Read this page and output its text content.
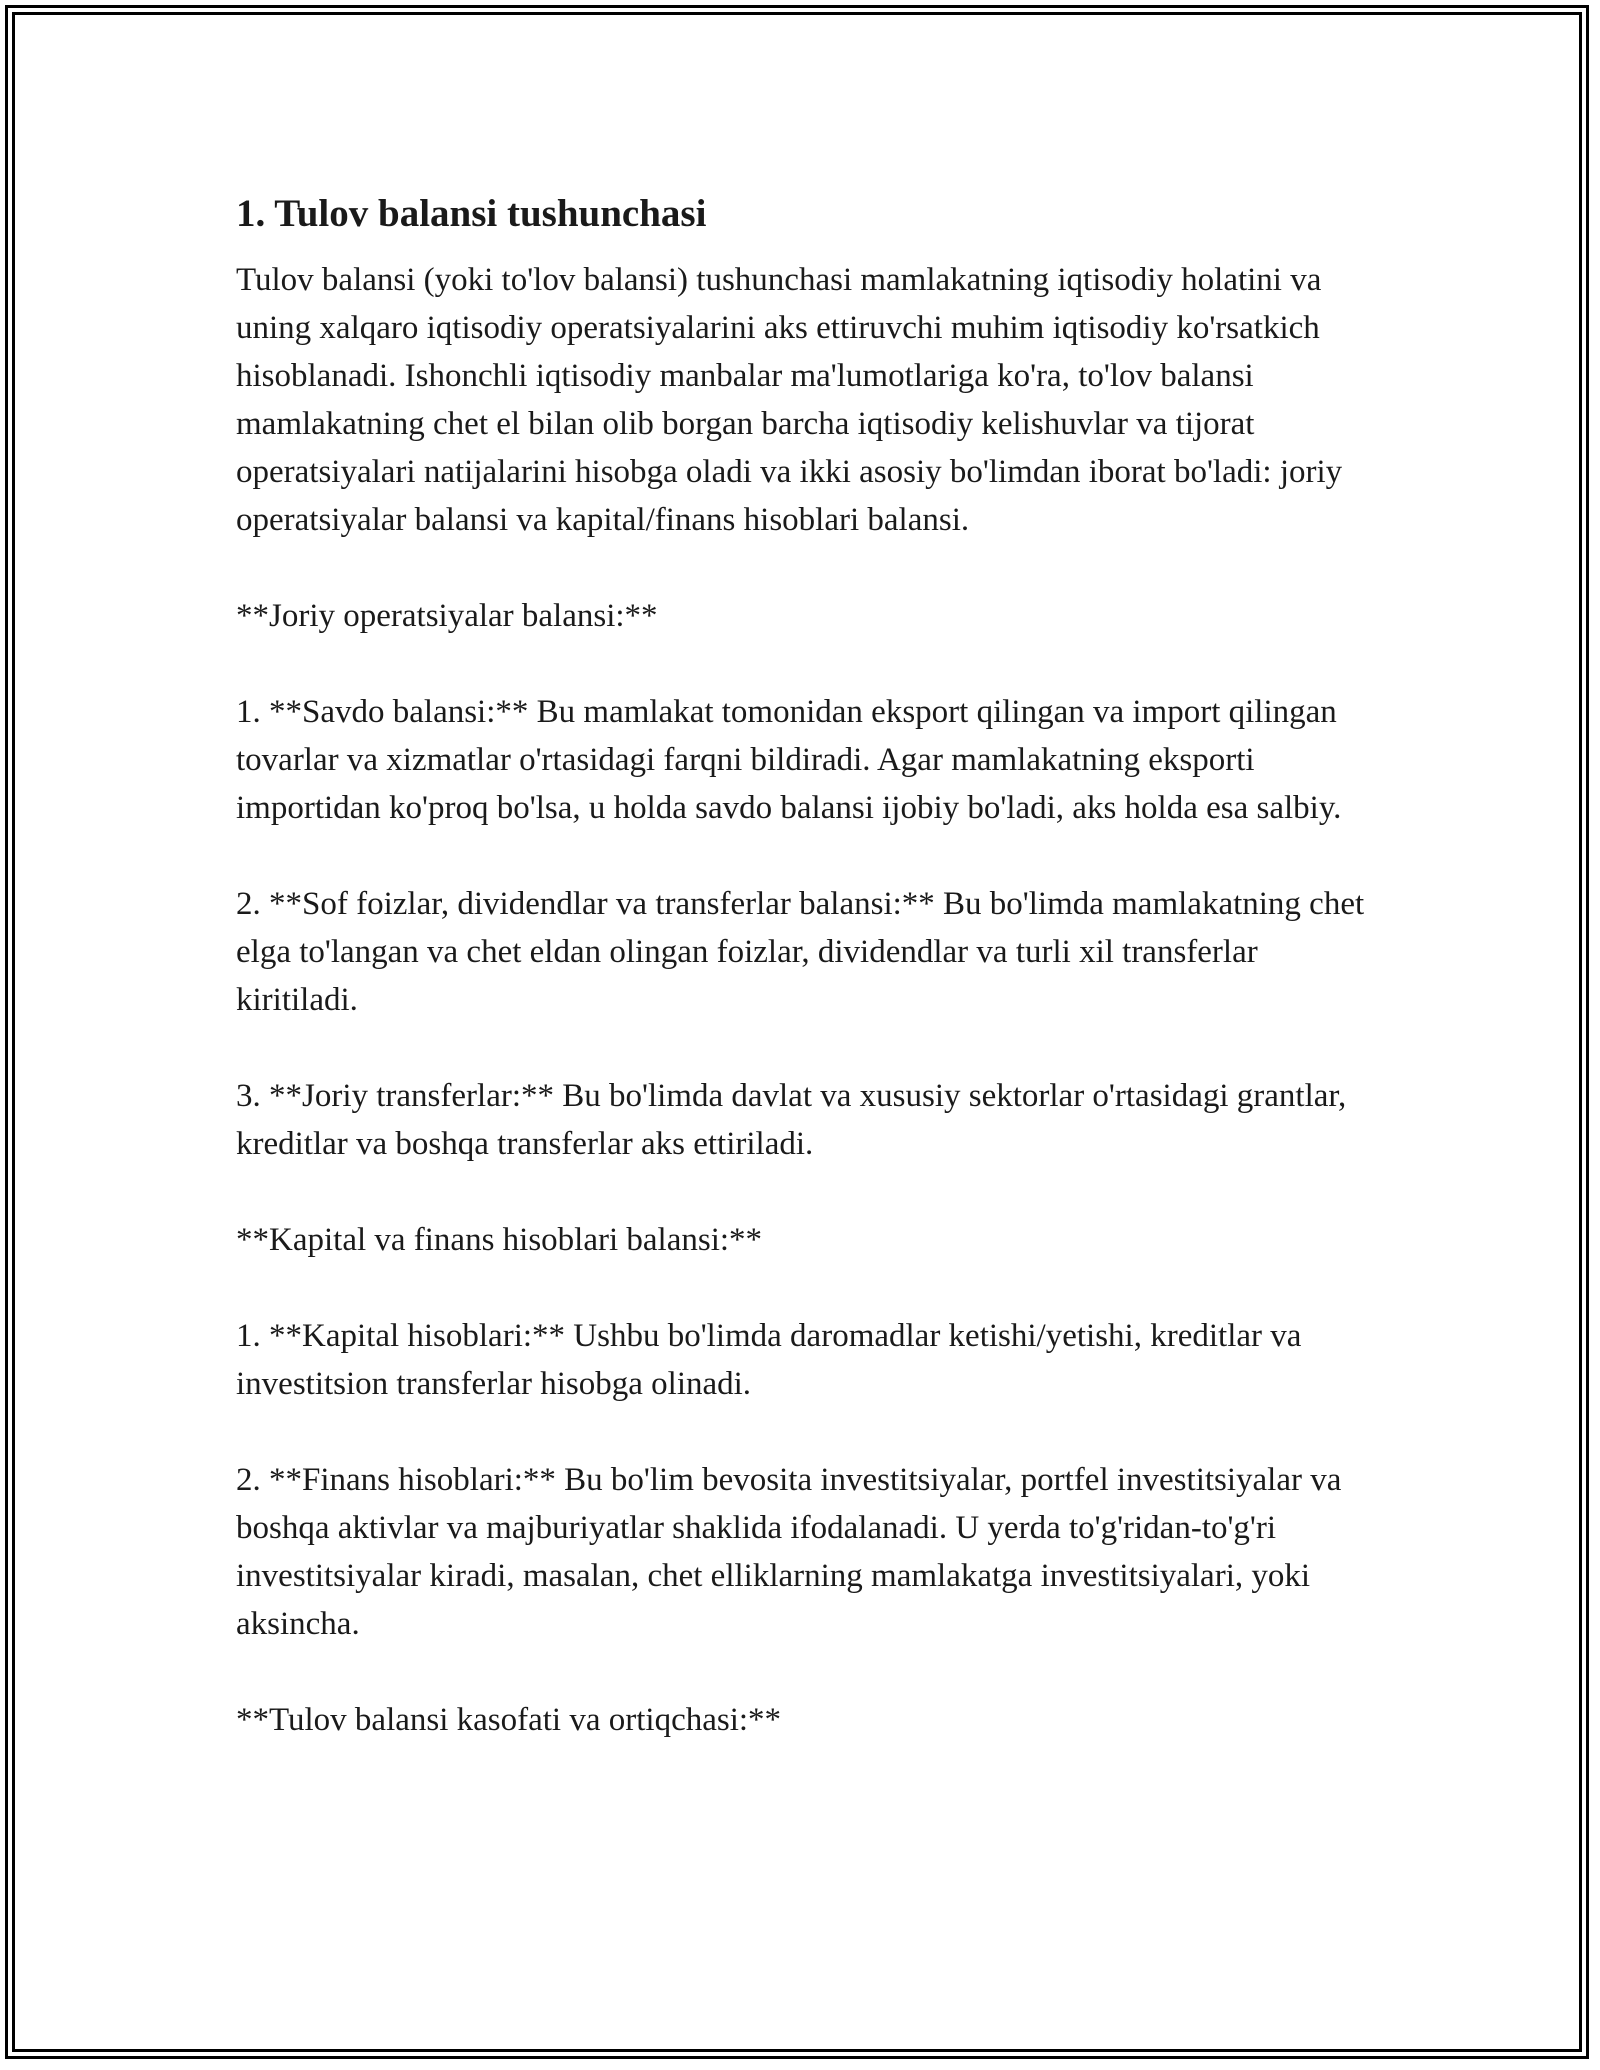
1. Tulov balansi tushunchasi

Tulov balansi (yoki to'lov balansi) tushunchasi mamlakatning iqtisodiy holatini va uning xalqaro iqtisodiy operatsiyalarini aks ettiruvchi muhim iqtisodiy ko'rsatkich hisoblanadi. Ishonchli iqtisodiy manbalar ma'lumotlariga ko'ra, to'lov balansi mamlakatning chet el bilan olib borgan barcha iqtisodiy kelishuvlar va tijorat operatsiyalari natijalarini hisobga oladi va ikki asosiy bo'limdan iborat bo'ladi: joriy operatsiyalar balansi va kapital/finans hisoblari balansi.

**Joriy operatsiyalar balansi:**

1. **Savdo balansi:** Bu mamlakat tomonidan eksport qilingan va import qilingan tovarlar va xizmatlar o'rtasidagi farqni bildiradi. Agar mamlakatning eksporti importidan ko'proq bo'lsa, u holda savdo balansi ijobiy bo'ladi, aks holda esa salbiy.

2. **Sof foizlar, dividendlar va transferlar balansi:** Bu bo'limda mamlakatning chet elga to'langan va chet eldan olingan foizlar, dividendlar va turli xil transferlar kiritiladi.

3. **Joriy transferlar:** Bu bo'limda davlat va xususiy sektorlar o'rtasidagi grantlar, kreditlar va boshqa transferlar aks ettiriladi.

**Kapital va finans hisoblari balansi:**

1. **Kapital hisoblari:** Ushbu bo'limda daromadlar ketishi/yetishi, kreditlar va investitsion transferlar hisobga olinadi.

2. **Finans hisoblari:** Bu bo'lim bevosita investitsiyalar, portfel investitsiyalar va boshqa aktivlar va majburiyatlar shaklida ifodalanadi. U yerda to'g'ridan-to'g'ri investitsiyalar kiradi, masalan, chet elliklarning mamlakatga investitsiyalari, yoki aksincha.

**Tulov balansi kasofati va ortiqchasi:**
